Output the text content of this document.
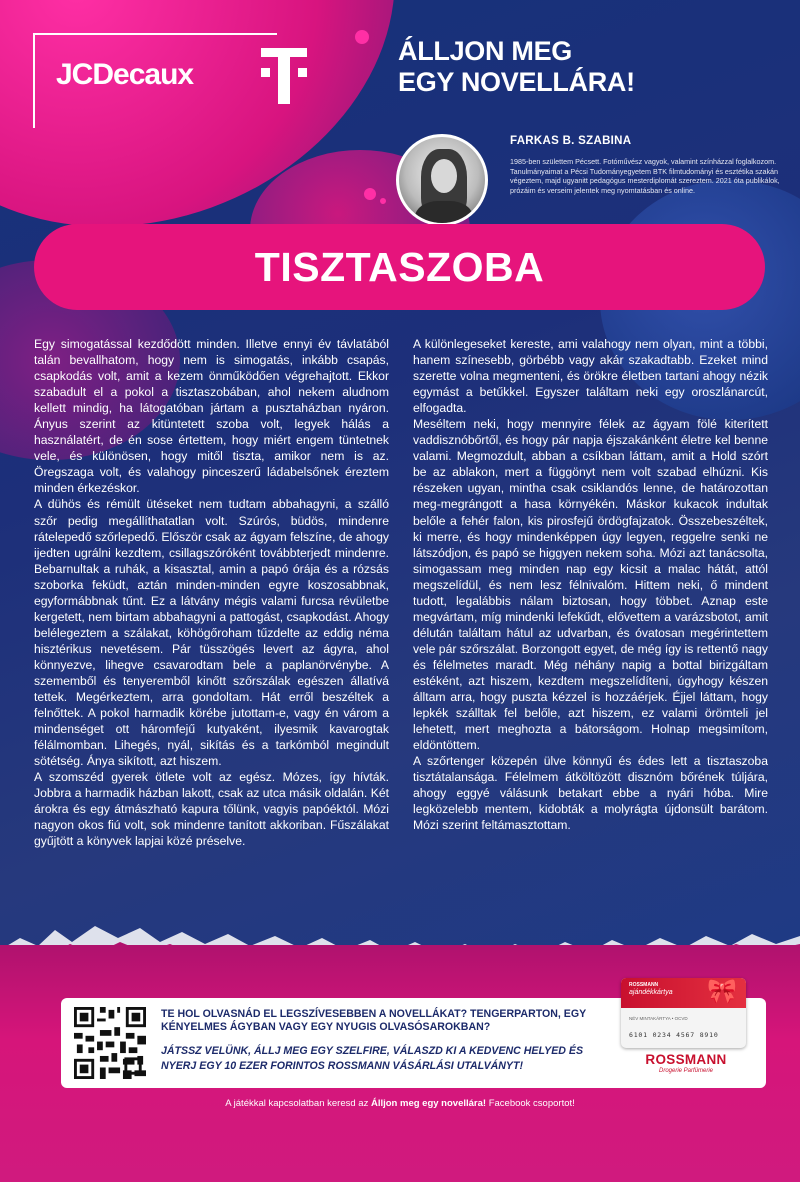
JCDecaux
ÁLLJON MEG
EGY NOVELLÁRA!
FARKAS B. SZABINA
1985-ben születtem Pécsett. Fotóművész vagyok, valamint színházzal foglalkozom. Tanulmányaimat a Pécsi Tudományegyetem BTK filmtudományi és esztétika szakán végeztem, majd ugyanitt pedagógus mesterdiplomát szereztem. 2021 óta publikálok, prózáim és verseim jelentek meg nyomtatásban és online.
TISZTASZOBA

Egy simogatással kezdődött minden. Illetve ennyi év távlatából talán bevallhatom, hogy nem is simogatás, inkább csapás, csapkodás volt, amit a kezem önműködően végrehajtott. Ekkor szabadult el a pokol a tisztaszobában, ahol nekem aludnom kellett mindig, ha látogatóban jártam a pusztaházban nyáron. Ányus szerint az kitüntetett szoba volt, legyek hálás a használatért, de én sose értettem, hogy miért engem tüntetnek vele, és különösen, hogy mitől tiszta, amikor nem is az. Öregszaga volt, és valahogy pinceszerű ládabelsőnek éreztem minden érkezéskor.

A dühös és rémült ütéseket nem tudtam abbahagyni, a szálló szőr pedig megállíthatatlan volt. Szúrós, büdös, mindenre rátelepedő szőrlepedő. Először csak az ágyam felszíne, de ahogy ijedten ugrálni kezdtem, csillagszóróként továbbterjedt mindenre. Bebarnultak a ruhák, a kisasztal, amin a papó órája és a rózsás szoborka feküdt, aztán minden-minden egyre koszosabbnak, egyformábbnak tűnt. Ez a látvány mégis valami furcsa révületbe kergetett, nem birtam abbahagyni a pattogást, csapkodást. Ahogy belélegeztem a szálakat, köhögőroham tűzdelte az eddig néma hisztérikus nevetésem. Pár tüsszögés levert az ágyra, ahol könnyezve, lihegve csavarodtam bele a paplanörvénybe. A szememből és tenyeremből kinőtt szőrszálak egészen állatívá tettek. Megérkeztem, arra gondoltam. Hát erről beszéltek a felnőttek. A pokol harmadik körébe jutottam-e, vagy én várom a mindenséget ott háromfejű kutyaként, ilyesmik kavarogtak félálmomban. Lihegés, nyál, sikítás és a tarkómból megindult sötétség. Ánya sikított, azt hiszem.

A szomszéd gyerek ötlete volt az egész. Mózes, így hívták. Jobbra a harmadik házban lakott, csak az utca másik oldalán. Két árokra és egy átmászható kapura tőlünk, vagyis papóéktól. Mózi nagyon okos fiú volt, sok mindenre tanított akkoriban. Fűszálakat gyűjtött a könyvek lapjai közé préselve.

A különlegeseket kereste, ami valahogy nem olyan, mint a többi, hanem színesebb, görbébb vagy akár szakadtabb. Ezeket mind szerette volna megmenteni, és örökre életben tartani ahogy nézik egymást a betűkkel. Egyszer találtam neki egy oroszlánarcút, elfogadta.

Meséltem neki, hogy mennyire félek az ágyam fölé kiterített vaddisznóbőrtől, és hogy pár napja éjszakánként életre kel benne valami. Megmozdult, abban a csíkban láttam, amit a Hold szórt be az ablakon, mert a függönyt nem volt szabad elhúzni. Kis részeken ugyan, mintha csak csiklandós lenne, de határozottan meg-megrángott a hasa környékén. Máskor kukacok indultak belőle a fehér falon, kis pirosfejű ördögfajzatok. Összebeszéltek, ki merre, és hogy mindenképpen úgy legyen, reggelre senki ne látszódjon, és papó se higgyen nekem soha. Mózi azt tanácsolta, simogassam meg minden nap egy kicsit a malac hátát, attól megszelídül, és nem lesz félnivalóm. Hittem neki, ő mindent tudott, legalábbis nálam biztosan, hogy többet. Aznap este megvártam, míg mindenki lefekűdt, elővettem a varázsbotot, amit délután találtam hátul az udvarban, és óvatosan megérintettem vele pár szőrszálat. Borzongott egyet, de még így is rettentő nagy és félelmetes maradt. Még néhány napig a bottal birizgáltam estéként, azt hiszem, kezdtem megszelídíteni, úgyhogy készen álltam arra, hogy puszta kézzel is hozzáérjek. Éjjel láttam, hogy lepkék szálltak fel belőle, azt hiszem, ez valami örömteli jel lehetett, mert meghozta a bátorságom. Holnap megsimítom, eldöntöttem.

A szőrtenger közepén ülve könnyű és édes lett a tisztaszoba tisztátalansága. Félelmem átköltözött disznóm bőrének túljára, ahogy eggyé válásunk betakart ebbe a nyári hóba. Mire legközelebb mentem, kidobták a molyrágta újdonsült barátom. Mózi szerint feltámasztottam.

TE HOL OLVASNÁD EL LEGSZÍVESEBBEN A NOVELLÁKAT? TENGERPARTON, EGY KÉNYELMES ÁGYBAN VAGY EGY NYUGIS OLVASÓSAROKBAN?
JÁTSSZ VELÜNK, ÁLLJ MEG EGY SZELFIRE, VÁLASZD KI A KEDVENC HELYED ÉS NYERJ EGY 10 EZER FORINTOS ROSSMANN VÁSÁRLÁSI UTALVÁNYT!
ROSSMANN
ajándékkártya 🎀
NÉV MINTAKÁRTYA • OCVD
6101 0234 4567 8910
ROSSMANN
Drogerie Parfümerie
A játékkal kapcsolatban keresd az Álljon meg egy novellára! Facebook csoportot!
